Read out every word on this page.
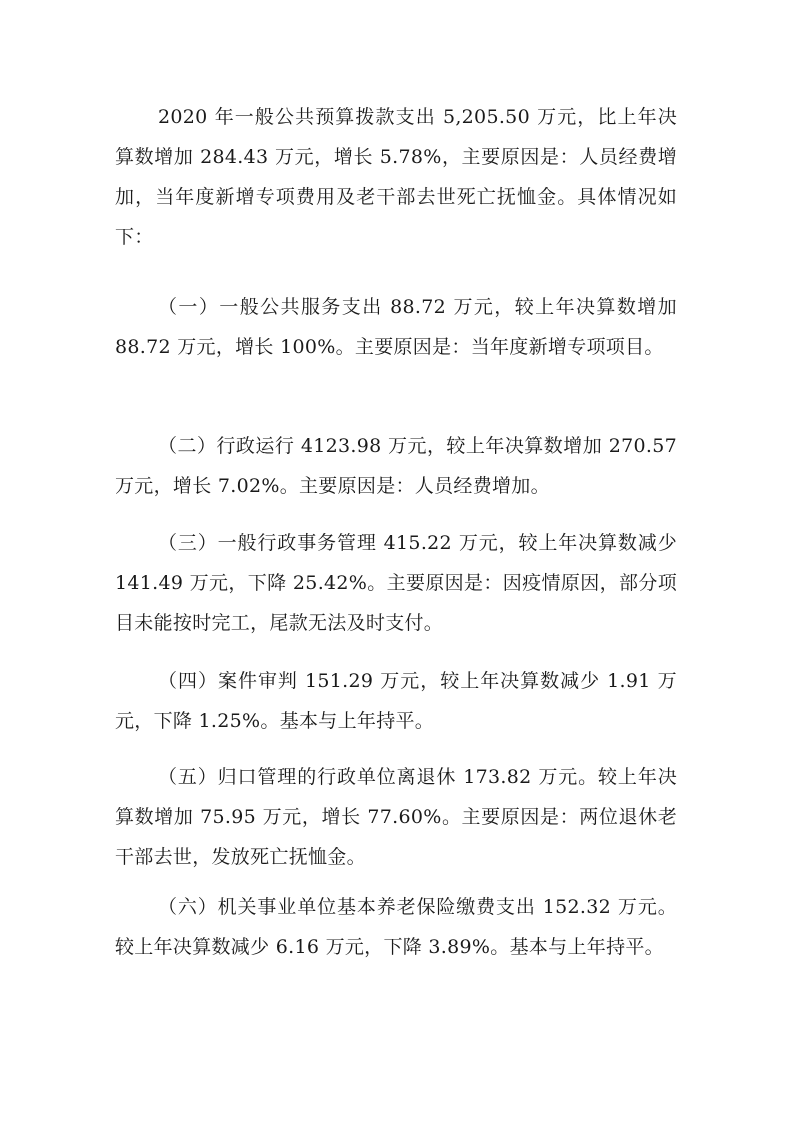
2020 年一般公共预算拨款支出 5,205.50 万元，比上年决算数增加 284.43 万元，增长 5.78%，主要原因是：人员经费增加，当年度新增专项费用及老干部去世死亡抚恤金。具体情况如下：

（一）一般公共服务支出 88.72 万元，较上年决算数增加 88.72 万元，增长 100%。主要原因是：当年度新增专项项目。

（二）行政运行 4123.98 万元，较上年决算数增加 270.57 万元，增长 7.02%。主要原因是：人员经费增加。

（三）一般行政事务管理 415.22 万元，较上年决算数减少 141.49 万元，下降 25.42%。主要原因是：因疫情原因，部分项目未能按时完工，尾款无法及时支付。

（四）案件审判 151.29 万元，较上年决算数减少 1.91 万元，下降 1.25%。基本与上年持平。

（五）归口管理的行政单位离退休 173.82 万元。较上年决算数增加 75.95 万元，增长 77.60%。主要原因是：两位退休老干部去世，发放死亡抚恤金。

（六）机关事业单位基本养老保险缴费支出 152.32 万元。较上年决算数减少 6.16 万元，下降 3.89%。基本与上年持平。
